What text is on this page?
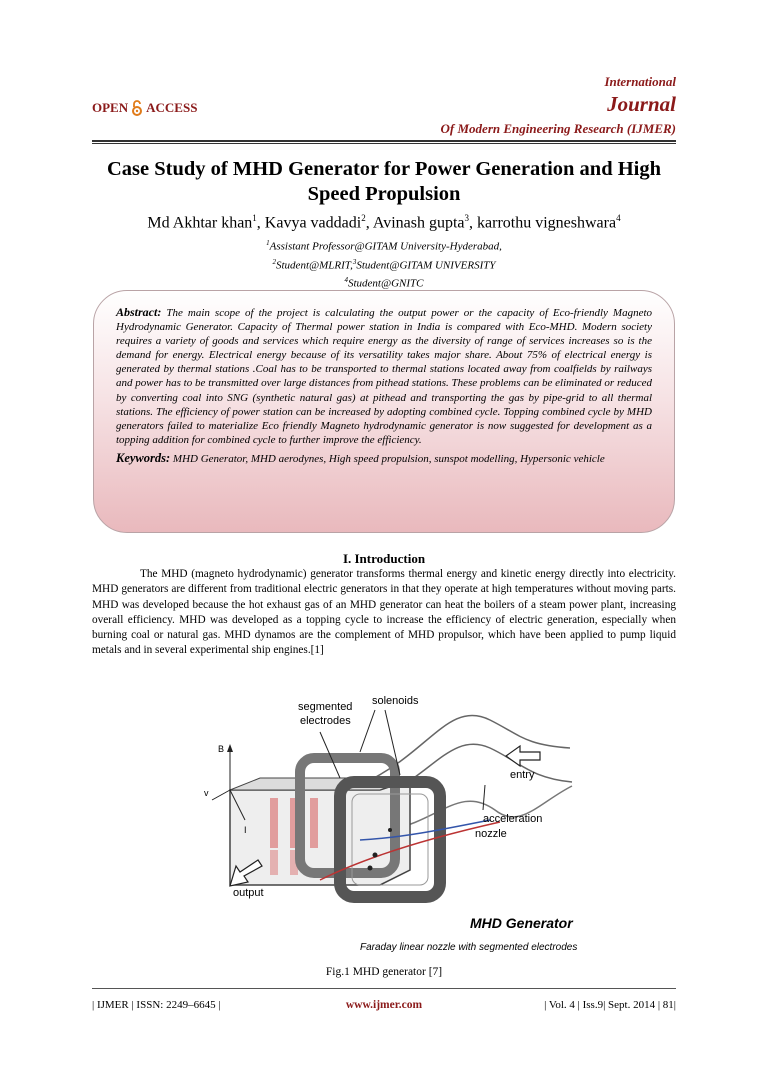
OPEN ACCESS
International
Journal
Of Modern Engineering Research (IJMER)
Case Study of MHD Generator for Power Generation and High
Speed Propulsion
Md Akhtar khan$^1$, Kavya vaddadi$^2$, Avinash gupta$^3$, karrothu vigneshwara$^4$
$^1$Assistant Professor@GITAM University-Hyderabad,
$^2$Student@MLRIT,$^3$Student@GITAM UNIVERSITY
$^4$Student@GNITC
Abstract: The main scope of the project is calculating the output power or the capacity of Eco-friendly Magneto Hydrodynamic Generator. Capacity of Thermal power station in India is compared with Eco-MHD. Modern society requires a variety of goods and services which require energy as the diversity of range of services increases so is the demand for energy. Electrical energy because of its versatility takes major share. About 75% of electrical energy is generated by thermal stations .Coal has to be transported to thermal stations located away from coalfields by railways and power has to be transmitted over large distances from pithead stations. These problems can be eliminated or reduced by converting coal into SNG (synthetic natural gas) at pithead and transporting the gas by pipe-grid to all thermal stations. The efficiency of power station can be increased by adopting combined cycle. Topping combined cycle by MHD generators failed to materialize Eco friendly Magneto hydrodynamic generator is now suggested for development as a topping addition for combined cycle to further improve the efficiency.
Keywords: MHD Generator, MHD aerodynes, High speed propulsion, sunspot modelling, Hypersonic vehicle
I. Introduction
The MHD (magneto hydrodynamic) generator transforms thermal energy and kinetic energy directly into electricity. MHD generators are different from traditional electric generators in that they operate at high temperatures without moving parts. MHD was developed because the hot exhaust gas of an MHD generator can heat the boilers of a steam power plant, increasing overall efficiency. MHD was developed as a topping cycle to increase the efficiency of electric generation, especially when burning coal or natural gas. MHD dynamos are the complement of MHD propulsor, which have been applied to pump liquid metals and in several experimental ship engines.[1]
segmented
electrodes
solenoids
entry
acceleration
nozzle
output
B
v
I
MHD Generator
Faraday linear nozzle with segmented electrodes
Fig.1 MHD generator [7]
| IJMER | ISSN: 2249–6645 |	www.ijmer.com	| Vol. 4 | Iss.9| Sept. 2014 | 81|
